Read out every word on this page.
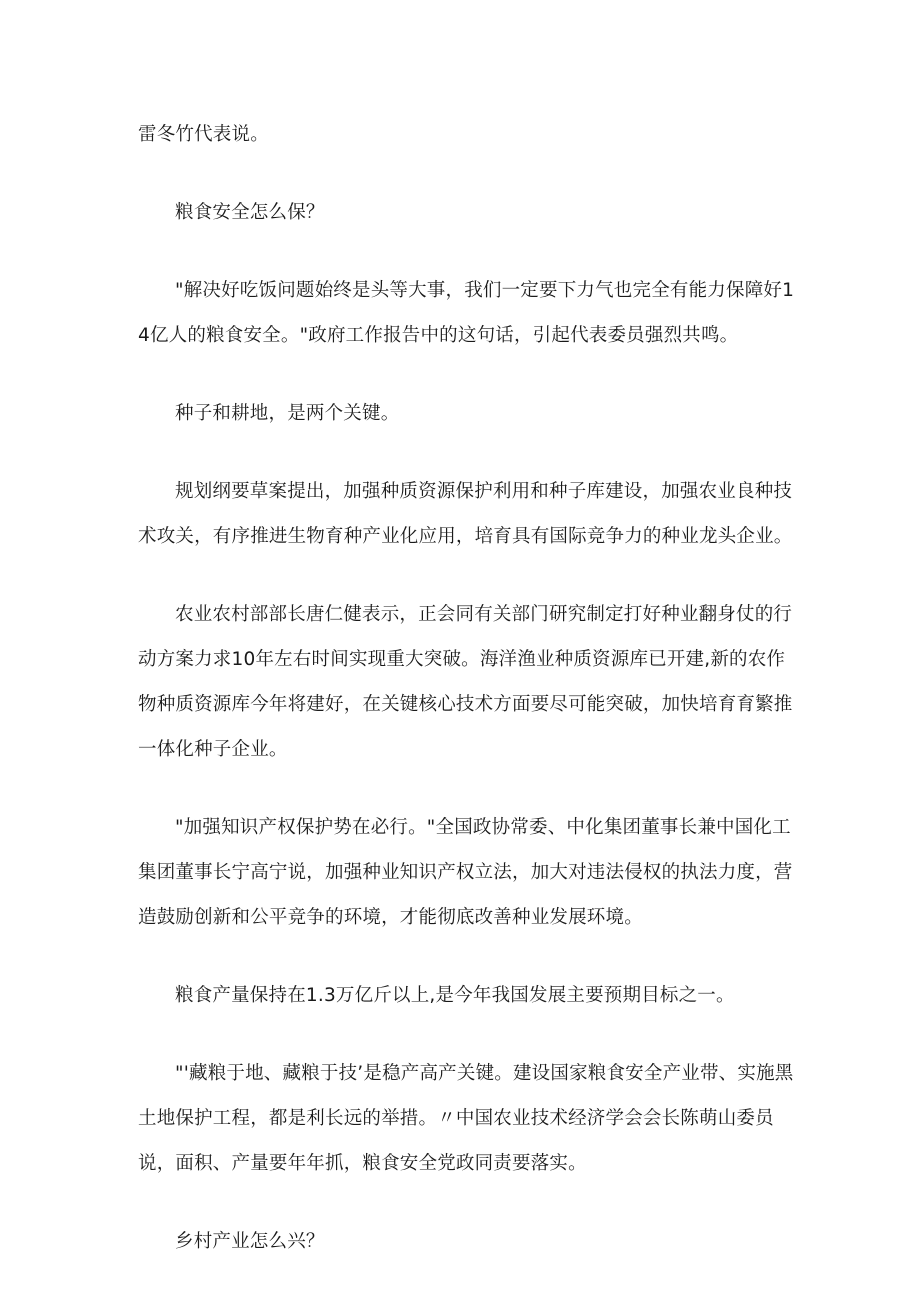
雷冬竹代表说。

粮食安全怎么保？

"解决好吃饭问题始终是头等大事，我们一定要下力气也完全有能力保障好14亿人的粮食安全。"政府工作报告中的这句话，引起代表委员强烈共鸣。

种子和耕地，是两个关键。

规划纲要草案提出，加强种质资源保护利用和种子库建设，加强农业良种技术攻关，有序推进生物育种产业化应用，培育具有国际竞争力的种业龙头企业。

农业农村部部长唐仁健表示，正会同有关部门研究制定打好种业翻身仗的行动方案力求10年左右时间实现重大突破。海洋渔业种质资源库已开建,新的农作物种质资源库今年将建好，在关键核心技术方面要尽可能突破，加快培育育繁推一体化种子企业。

"加强知识产权保护势在必行。"全国政协常委、中化集团董事长兼中国化工集团董事长宁高宁说，加强种业知识产权立法，加大对违法侵权的执法力度，营造鼓励创新和公平竞争的环境，才能彻底改善种业发展环境。

粮食产量保持在1.3万亿斤以上,是今年我国发展主要预期目标之一。

"'藏粮于地、藏粮于技’是稳产高产关键。建设国家粮食安全产业带、实施黑土地保护工程，都是利长远的举措。〃中国农业技术经济学会会长陈萌山委员说，面积、产量要年年抓，粮食安全党政同责要落实。

乡村产业怎么兴？
